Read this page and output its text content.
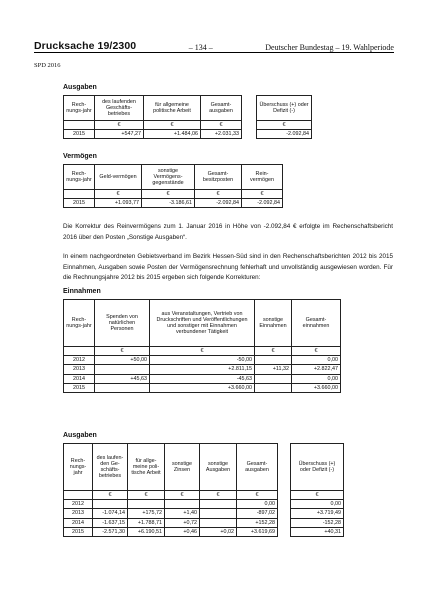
Drucksache 19/2300	– 134 –	Deutscher Bundestag – 19. Wahlperiode
SPD 2016
Ausgaben
Rech-nungs-jahr	des laufenden Geschäfts-betriebes	für allgemeine politische Arbeit	Gesamt-ausgaben		Überschuss (+) oder Defizit (-)
	€	€	€		€
2015	+547,27	+1.484,06	+2.031,33		-2.092,84
Vermögen
Rech-nungs-jahr	Geld-vermögen	sonstige Vermögens-gegenstände	Gesamt-besitzposten	Rein-vermögen
	€	€	€	€
2015	+1.093,77	-3.186,61	-2.092,84	-2.092,84
Die Korrektur des Reinvermögens zum 1. Januar 2016 in Höhe von -2.092,84 € erfolgte im Rechenschaftsbericht 2016 über den Posten „Sonstige Ausgaben“.
In einem nachgeordneten Gebietsverband im Bezirk Hessen-Süd sind in den Rechenschaftsberichten 2012 bis 2015 Einnahmen, Ausgaben sowie Posten der Vermögensrechnung fehlerhaft und unvollständig ausgewiesen worden. Für die Rechnungsjahre 2012 bis 2015 ergeben sich folgende Korrekturen:
Einnahmen
Rech-nungs-jahr	Spenden von natürlichen Personen	aus Veranstaltungen, Vertrieb von Druckschriften und Veröffentlichungen und sonstiger mit Einnahmen verbundener Tätigkeit	sonstige Einnahmen	Gesamt-einnahmen
	€	€	€	€
2012	+50,00	-50,00		0,00
2013		+2.811,15	+11,32	+2.822,47
2014	+45,63	-45,63		0,00
2015		+3.660,00		+3.660,00
Ausgaben
Rech-nungs-jahr	des laufen-den Ge-schäfts-betriebes	für allge-meine poli-tische Arbeit	sonstige Zinsen	sonstige Ausgaben	Gesamt-ausgaben		Überschuss (+) oder Defizit (-)
	€	€	€	€	€		€
2012					0,00		0,00
2013	-1.074,14	+175,72	+1,40		-897,02		+3.719,49
2014	-1.637,15	+1.788,71	+0,72		+152,28		-152,28
2015	-2.571,30	+6.190,51	+0,46	+0,02	+3.619,69		+40,31
